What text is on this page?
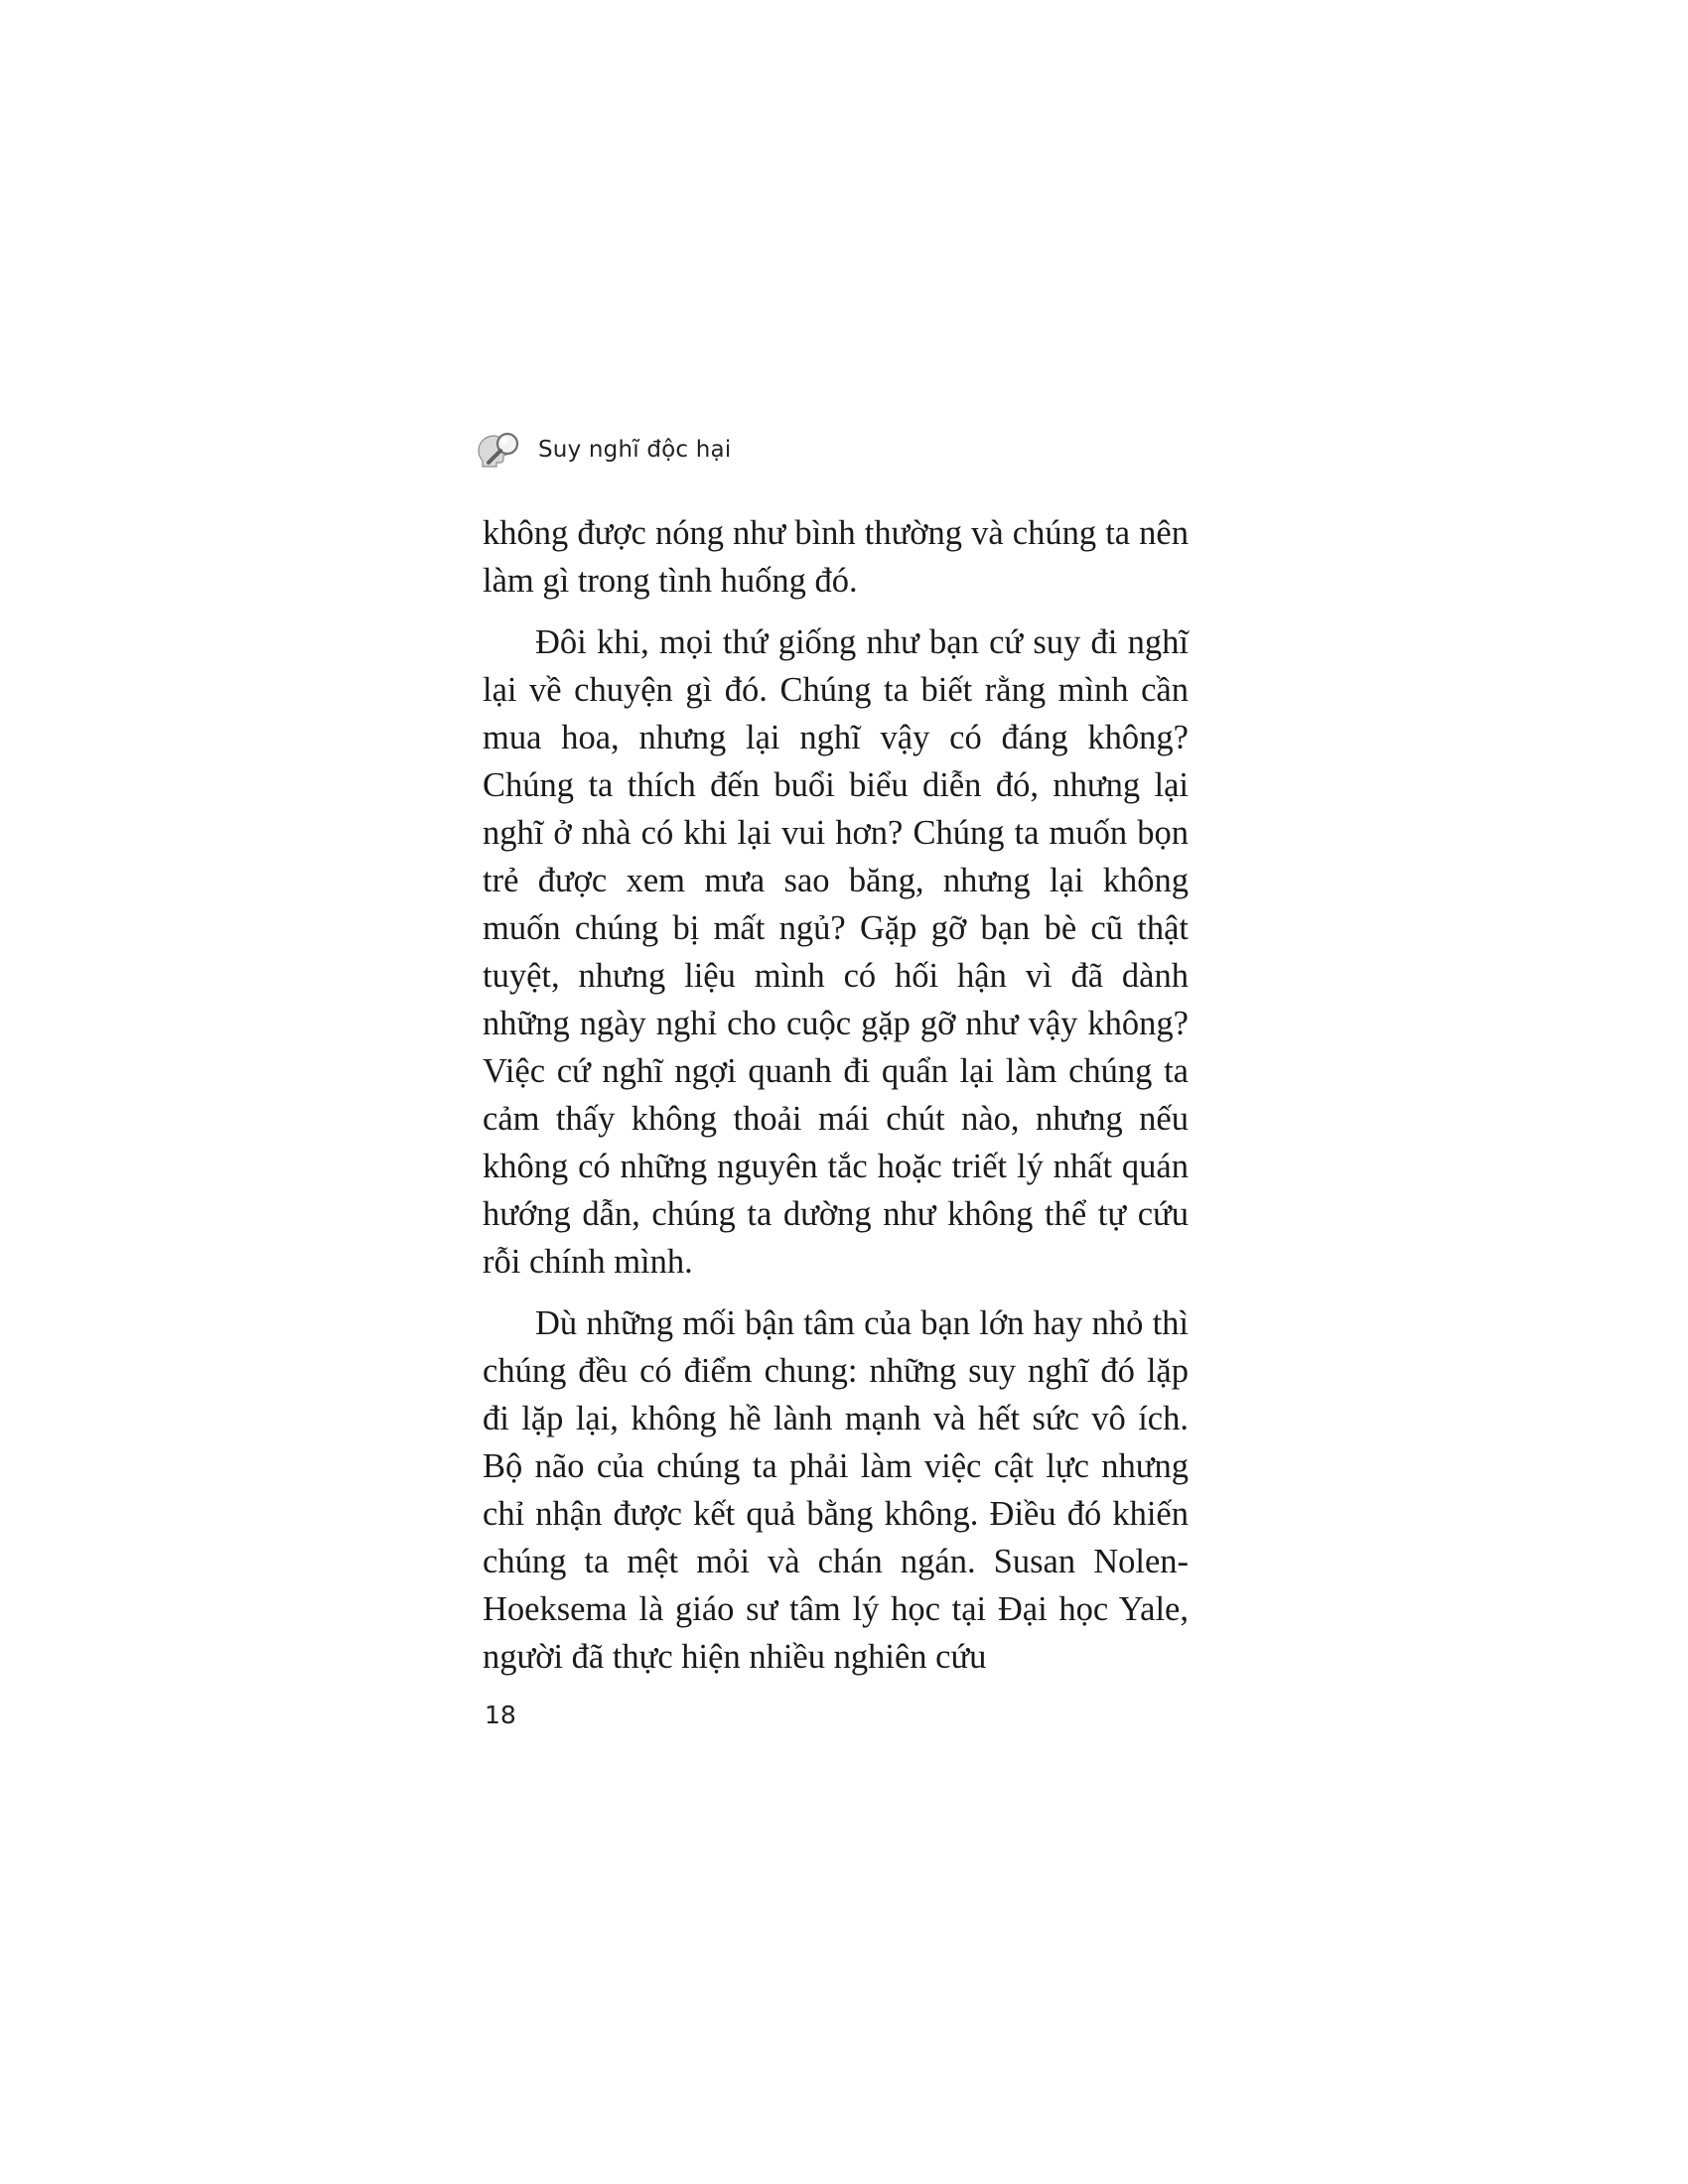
Suy nghĩ độc hại

không được nóng như bình thường và chúng ta nên làm gì trong tình huống đó.

Đôi khi, mọi thứ giống như bạn cứ suy đi nghĩ lại về chuyện gì đó. Chúng ta biết rằng mình cần mua hoa, nhưng lại nghĩ vậy có đáng không? Chúng ta thích đến buổi biểu diễn đó, nhưng lại nghĩ ở nhà có khi lại vui hơn? Chúng ta muốn bọn trẻ được xem mưa sao băng, nhưng lại không muốn chúng bị mất ngủ? Gặp gỡ bạn bè cũ thật tuyệt, nhưng liệu mình có hối hận vì đã dành những ngày nghỉ cho cuộc gặp gỡ như vậy không? Việc cứ nghĩ ngợi quanh đi quẩn lại làm chúng ta cảm thấy không thoải mái chút nào, nhưng nếu không có những nguyên tắc hoặc triết lý nhất quán hướng dẫn, chúng ta dường như không thể tự cứu rỗi chính mình.

Dù những mối bận tâm của bạn lớn hay nhỏ thì chúng đều có điểm chung: những suy nghĩ đó lặp đi lặp lại, không hề lành mạnh và hết sức vô ích. Bộ não của chúng ta phải làm việc cật lực nhưng chỉ nhận được kết quả bằng không. Điều đó khiến chúng ta mệt mỏi và chán ngán. Susan Nolen-Hoeksema là giáo sư tâm lý học tại Đại học Yale, người đã thực hiện nhiều nghiên cứu

18
